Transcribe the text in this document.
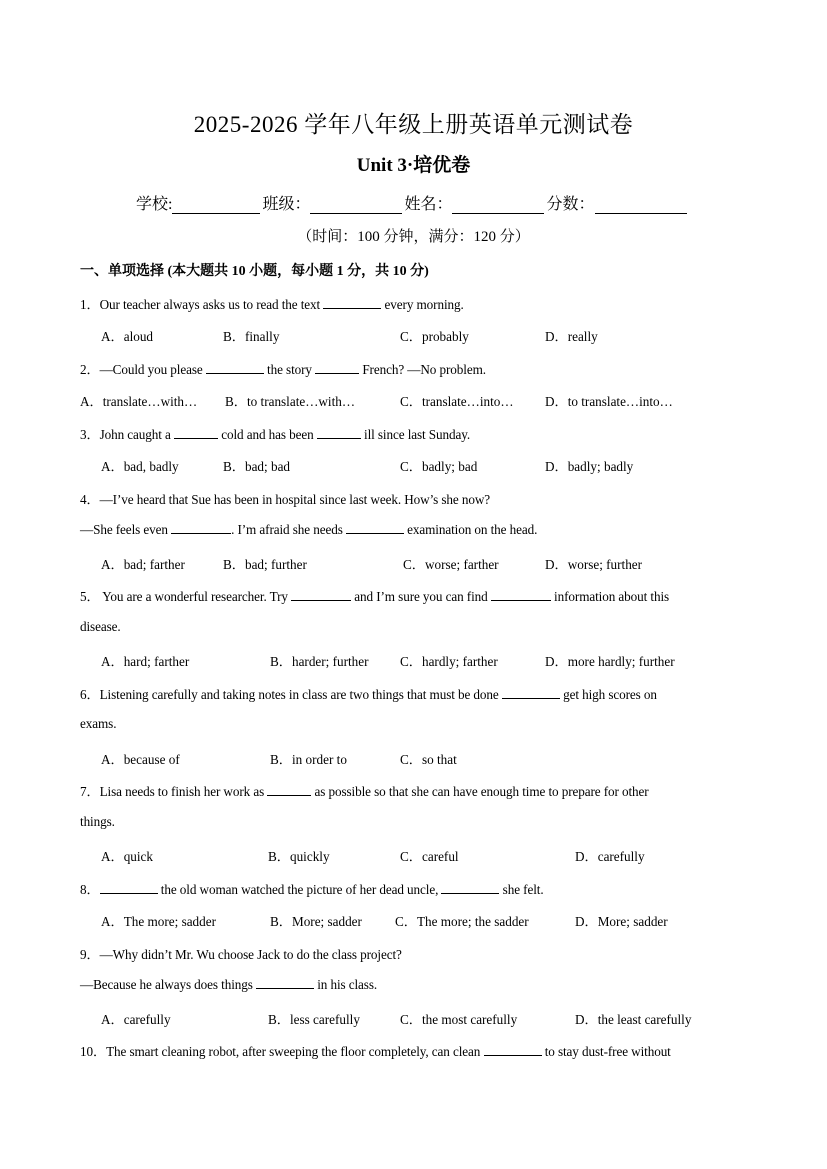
2025-2026 学年八年级上册英语单元测试卷
Unit 3·培优卷
学校:	班级：	姓名：	分数：
（时间：100 分钟，满分：120 分）
一、单项选择 (本大题共 10 小题，每小题 1 分，共 10 分)
1．Our teacher always asks us to read the text	every morning.
A．aloud	B．finally	C．probably	D．really
2．—Could you please	the story	French? —No problem.
A．translate…with… B．to translate…with…	C．translate…into… D．to translate…into…
3．John caught a	cold and has been	ill since last Sunday.
A．bad, badly	B．bad; bad	C．badly; bad	D．badly; badly
4．—I’ve heard that Sue has been in hospital since last week. How’s she now?
—She feels even	. I’m afraid she needs	examination on the head.
A．bad; farther	B．bad; further	C．worse; farther	D．worse; further
5． You are a wonderful researcher. Try	and I’m sure you can find	information about this
disease.
A．hard; farther	B．harder; further C．hardly; farther	D．more hardly; further
6．Listening carefully and taking notes in class are two things that must be done	get high scores on
exams.
A．because of	B．in order to	C．so that
7．Lisa needs to finish her work as	as possible so that she can have enough time to prepare for other
things.
A．quick	B．quickly	C．careful	D．carefully
8．	the old woman watched the picture of her dead uncle,	she felt.
A．The more; sadder	B．More; sadder	C．The more; the sadder	D．More; sadder
9．—Why didn’t Mr. Wu choose Jack to do the class project?
—Because he always does things	in his class.
A．carefully	B．less carefully	C．the most carefully	D．the least carefully
10．The smart cleaning robot, after sweeping the floor completely, can clean	to stay dust-free without
